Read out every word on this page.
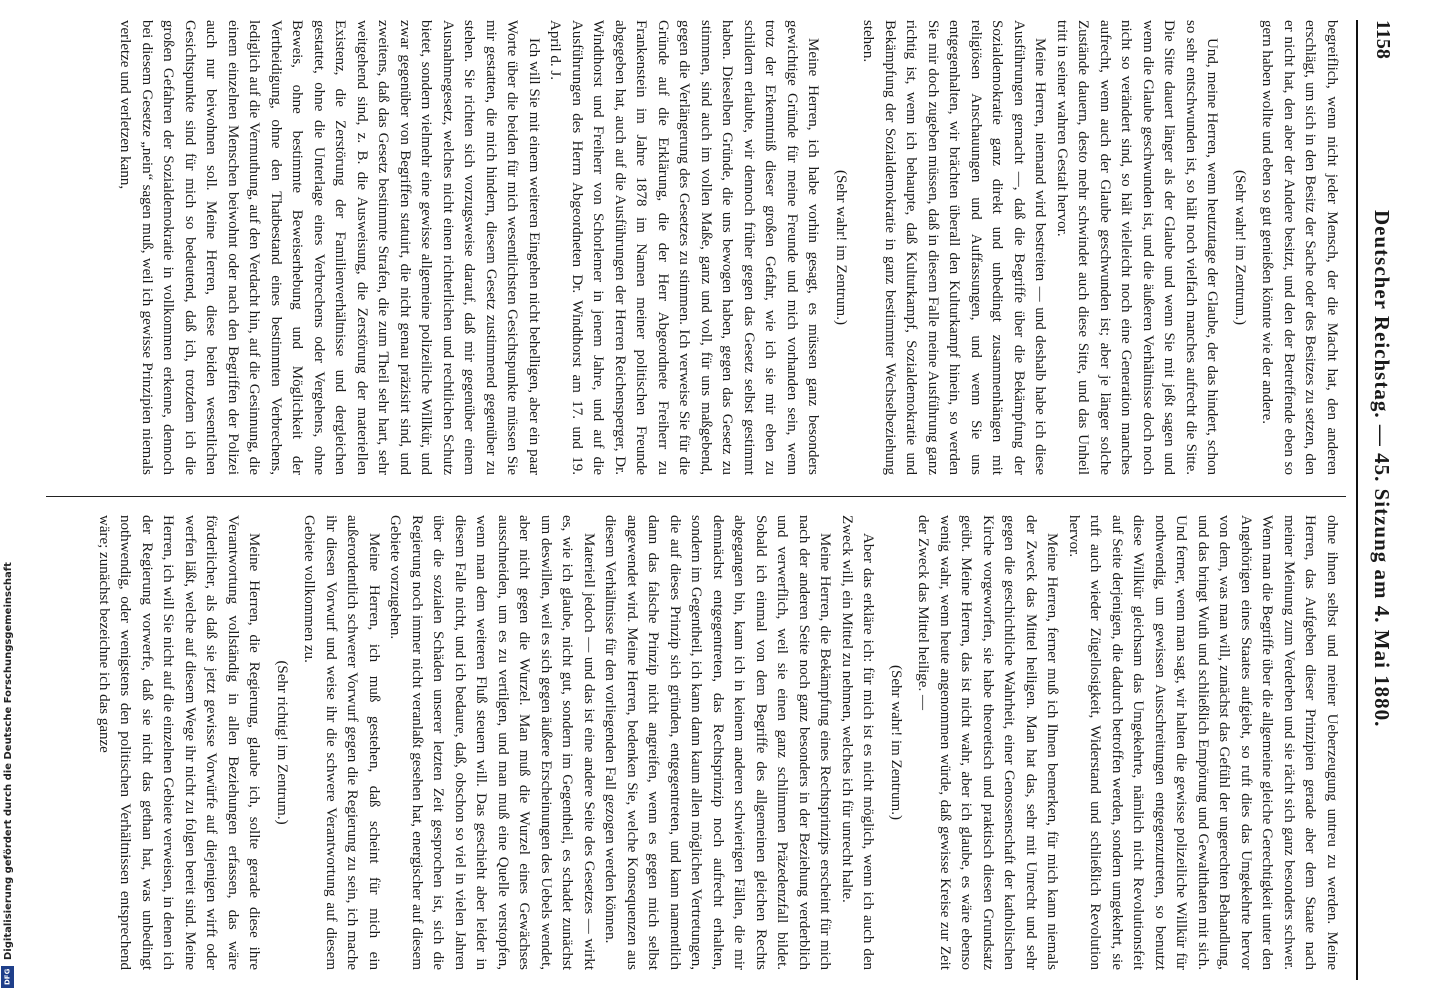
1158
Deutscher Reichstag. — 45. Sitzung am 4. Mai 1880.

begreiflich, wenn nicht jeder Mensch, der die Macht hat, den anderen erschlägt, um sich in den Besitz der Sache oder des Besitzes zu setzen, den er nicht hat, den aber der Andere besitzt, und den der Betreffende eben so gern haben wollte und eben so gut genießen könnte wie der andere.

(Sehr wahr! im Zentrum.)

Und, meine Herren, wenn heutzutage der Glaube, der das hindert, schon so sehr entschwunden ist, so hält noch vielfach manches aufrecht die Sitte. Die Sitte dauert länger als der Glaube und wenn Sie mit jeßt sagen und wenn die Glaube geschwunden ist, und die äußeren Verhältnisse doch noch nicht so verändert sind, so hält vielleicht noch eine Generation manches aufrecht, wenn auch der Glaube geschwunden ist; aber je länger solche Zustände dauern, desto mehr schwindet auch diese Sitte, und das Unheil tritt in seiner wahren Gestalt hervor.

Meine Herren, niemand wird bestreiten — und deshalb habe ich diese Ausführungen gemacht —, daß die Begriffe über die Bekämpfung der Sozialdemokratie ganz direkt und unbedingt zusammenhängen mit religiösen Anschauungen und Auffassungen, und wenn Sie uns entgegenhalten, wir brächten überall den Kulturkampf hinein, so werden Sie mir doch zugeben müssen, daß in diesem Falle meine Ausführung ganz richtig ist, wenn ich behaupte, daß Kulturkampf, Sozialdemokratie und Bekämpfung der Sozialdemokratie in ganz bestimmter Wechselbeziehung stehen.

(Sehr wahr! im Zentrum.)

Meine Herren, ich habe vorhin gesagt, es müssen ganz besonders gewichtige Gründe für meine Freunde und mich vorhanden sein, wenn trotz der Erkenntniß dieser großen Gefahr, wie ich sie mir eben zu schildern erlaubte, wir dennoch früher gegen das Gesetz selbst gestimmt haben. Dieselben Gründe, die uns bewogen haben, gegen das Gesetz zu stimmen, sind auch im vollen Maße, ganz und voll, für uns maßgebend, gegen die Verlängerung des Gesetzes zu stimmen. Ich verweise Sie für die Gründe auf die Erklärung, die der Herr Abgeordnete Freiherr zu Frankenstein im Jahre 1878 im Namen meiner politischen Freunde abgegeben hat, auch auf die Ausführungen der Herren Reichensperger, Dr. Windthorst und Freiherr von Schorlemer in jenem Jahre, und auf die Ausführungen des Herrn Abgeordneten Dr. Windthorst am 17. und 19. April d. J.

Ich will Sie mit einem weiteren Eingehen nicht behelligen, aber ein paar Worte über die beiden für mich wesentlichsten Gesichtspunkte müssen Sie mir gestatten, die mich hindern, diesem Gesetz zustimmend gegenüber zu stehen. Sie richten sich vorzugsweise darauf, daß mir gegenüber einem Ausnahmegesetz, welches nicht einen richterlichen und rechtlichen Schutz bietet, sondern vielmehr eine gewisse allgemeine polizeiliche Willkür, und zwar gegenüber von Begriffen statuirt, die nicht genau präzisirt sind, und zweitens, daß das Gesetz bestimmte Strafen, die zum Theil sehr hart, sehr weitgehend sind, z. B. die Ausweisung, die Zerstörung der materiellen Existenz, die Zerstörung der Familienverhältnisse und dergleichen gestattet, ohne die Unterlage eines Verbrechens oder Vergehens, ohne Beweis, ohne bestimmte Beweiserhebung und Möglichkeit der Vertheidigung, ohne den Thatbestand eines bestimmten Verbrechens, lediglich auf die Vermuthung, auf den Verdacht hin, auf die Gesinnung, die einem einzelnen Menschen beiwohnt oder nach den Begriffen der Polizei auch nur beiwohnen soll. Meine Herren, diese beiden wesentlichen Gesichtspunkte sind für mich so bedeutend, daß ich, trotzdem ich die großen Gefahren der Sozialdemokratie in vollkommen erkenne, dennoch bei diesem Gesetze „nein“ sagen muß, weil ich gewisse Prinzipien niemals verletze und verletzen kann,

ohne ihnen selbst und meiner Ueberzeugung untreu zu werden. Meine Herren, das Aufgeben dieser Prinzipien gerade aber dem Staate nach meiner Meinung zum Verderben und sie rächt sich ganz besonders schwer. Wenn man die Begriffe über die allgemeine gleiche Gerechtigkeit unter den Angehörigen eines Staates aufgiebt, so ruft dies das Umgekehrte hervor von dem, was man will, zunächst das Gefühl der ungerechten Behandlung, und das bringt Wuth und schließlich Empörung und Gewaltthaten mit sich. Und ferner, wenn man sagt, wir halten die gewisse polizeiliche Willkür für nothwendig, um gewissen Ausschreitungen entgegenzutreten, so benutzt diese Willkür gleichsam das Umgekehrte, nämlich nicht Revolutionsfeit auf Seite derjenigen, die dadurch betroffen werden, sondern umgekehrt, sie ruft auch wieder Zügellosigkeit, Widerstand und schließlich Revolution hervor.

Meine Herren, ferner muß ich Ihnen bemerken, für mich kann niemals der Zweck das Mittel heiligen. Man hat das, sehr mit Unrecht und sehr gegen die geschichtliche Wahrheit, einer Genossenschaft der katholischen Kirche vorgeworfen, sie habe theoretisch und praktisch diesen Grundsatz geübt. Meine Herren, das ist nicht wahr, aber ich glaube, es wäre ebenso wenig wahr, wenn heute angenommen würde, daß gewisse Kreise zur Zeit der Zweck das Mittel heilige. —

(Sehr wahr! im Zentrum.)

Aber das erkläre ich: für mich ist es nicht möglich, wenn ich auch den Zweck will, ein Mittel zu nehmen, welches ich für unrecht halte.

Meine Herren, die Bekämpfung eines Rechtsprinzips erscheint für mich nach der anderen Seite noch ganz besonders in der Beziehung verderblich und verwerflich, weil sie einen ganz schlimmen Präzedenzfall bildet. Sobald ich einmal von dem Begriffe des allgemeinen gleichen Rechts abgegangen bin, kann ich in keinem anderen schwierigen Fällen, die mir demnächst entgegentreten, das Rechtsprinzip noch aufrecht erhalten, sondern im Gegentheil, ich kann dann kaum allen möglichen Vertretungen, die auf dieses Prinzip sich gründen, entgegentreten, und kann namentlich dann das falsche Prinzip nicht angreifen, wenn es gegen mich selbst angewendet wird. Meine Herren, bedenken Sie, welche Konsequenzen aus diesem Verhältnisse für den vorliegenden Fall gezogen werden können.

Materiell jedoch — und das ist eine andere Seite des Gesetzes — wirkt es, wie ich glaube, nicht gut, sondern im Gegentheil, es schadet zunächst um deswillen, weil es sich gegen äußere Erscheinungen des Uebels wendet, aber nicht gegen die Wurzel. Man muß die Wurzel eines Gewächses ausschneiden, um es zu vertilgen, und man muß eine Quelle verstopfen, wenn man dem weiteren Fluß steuern will. Das geschieht aber leider in diesem Falle nicht, und ich bedaure, daß, obschon so viel in vielen Jahren über die sozialen Schäden unserer letzten Zeit gesprochen ist, sich die Regierung noch immer nicht veranlaßt gesehen hat, energischer auf diesem Gebiete vorzugehen.

Meine Herren, ich muß gestehen, daß scheint für mich ein außerordentlich schwerer Vorwurf gegen die Regierung zu sein, ich mache ihr diesen Vorwurf und weise ihr die schwere Verantwortung auf diesem Gebiete vollkommen zu.

(Sehr richtig! im Zentrum.)

Meine Herren, die Regierung, glaube ich, sollte gerade diese ihre Verantwortung vollständig in allen Beziehungen erfassen, das wäre förderlicher, als daß sie jetzt gewisse Vorwürfe auf diejenigen wirft oder werfen läßt, welche auf diesem Wege ihr nicht zu folgen bereit sind. Meine Herren, ich will Sie nicht auf die einzelnen Gebiete verweisen, in denen ich der Regierung vorwerfe, daß sie nicht das gethan hat, was unbedingt nothwendig, oder wenigstens den politischen Verhältnissen entsprechend wäre; zunächst bezeichne ich das ganze

Digitalisierung gefördert durch die Deutsche Forschungsgemeinschaft
DFG
